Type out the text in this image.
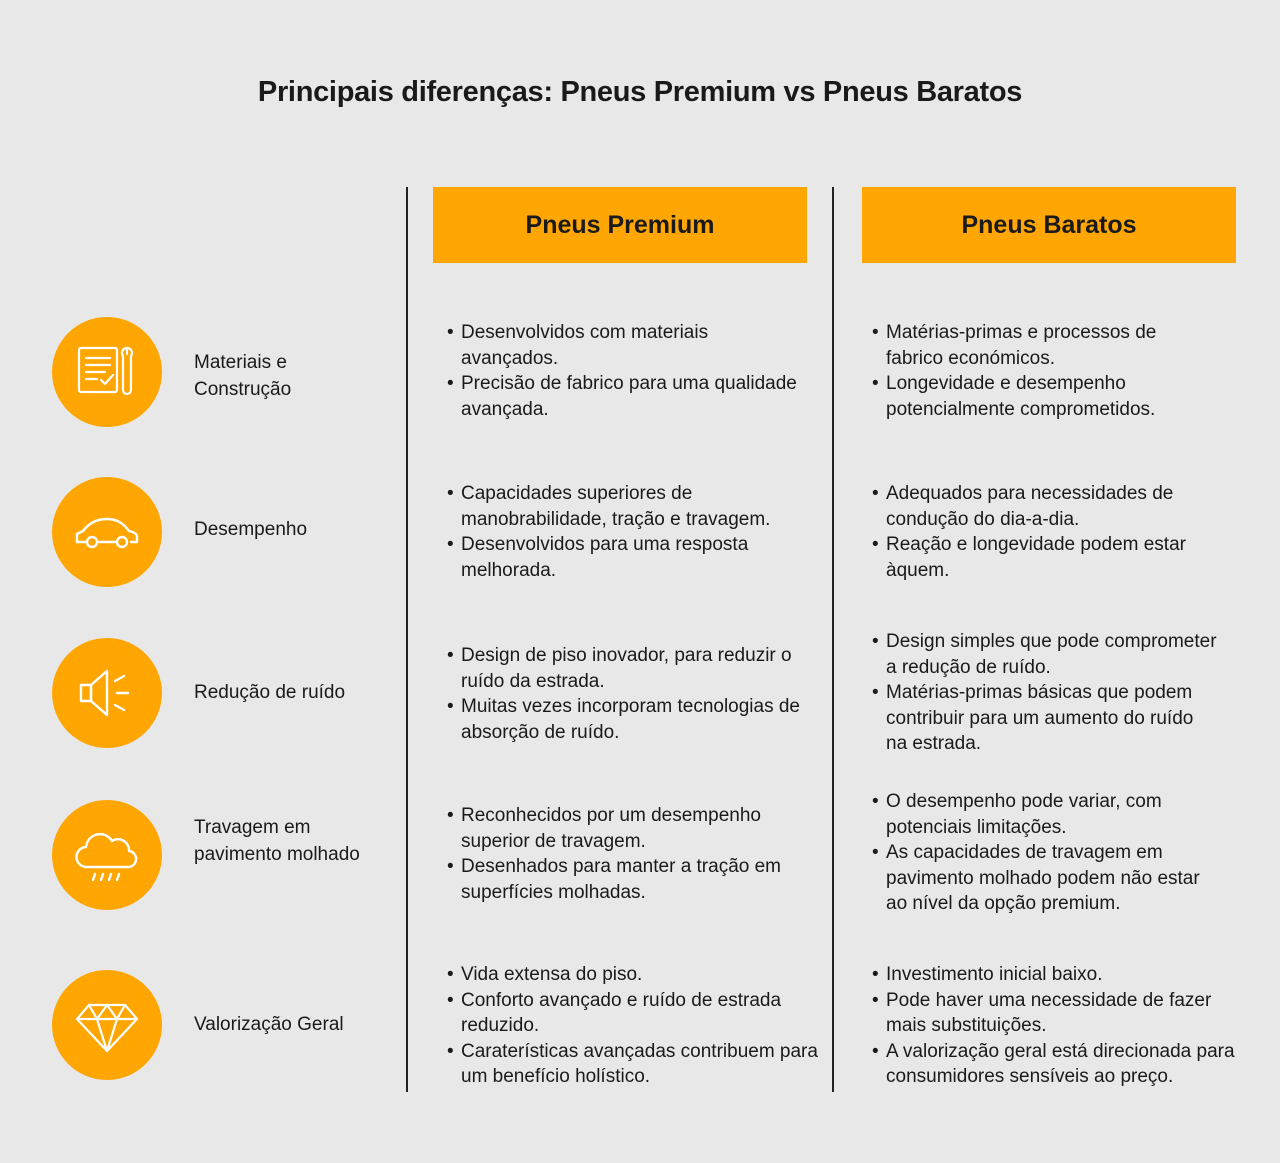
Principais diferenças: Pneus Premium vs Pneus Baratos
Pneus Premium	Pneus Baratos
Materiais e Construção
• Desenvolvidos com materiais avançados.
• Precisão de fabrico para uma qualidade avançada.
• Matérias-primas e processos de fabrico económicos.
• Longevidade e desempenho potencialmente comprometidos.
Desempenho
• Capacidades superiores de manobrabilidade, tração e travagem.
• Desenvolvidos para uma resposta melhorada.
• Adequados para necessidades de condução do dia-a-dia.
• Reação e longevidade podem estar àquem.
Redução de ruído
• Design de piso inovador, para reduzir o ruído da estrada.
• Muitas vezes incorporam tecnologias de absorção de ruído.
• Design simples que pode comprometer a redução de ruído.
• Matérias-primas básicas que podem contribuir para um aumento do ruído na estrada.
Travagem em pavimento molhado
• Reconhecidos por um desempenho superior de travagem.
• Desenhados para manter a tração em superfícies molhadas.
• O desempenho pode variar, com potenciais limitações.
• As capacidades de travagem em pavimento molhado podem não estar ao nível da opção premium.
Valorização Geral
• Vida extensa do piso.
• Conforto avançado e ruído de estrada reduzido.
• Caraterísticas avançadas contribuem para um benefício holístico.
• Investimento inicial baixo.
• Pode haver uma necessidade de fazer mais substituições.
• A valorização geral está direcionada para consumidores sensíveis ao preço.
